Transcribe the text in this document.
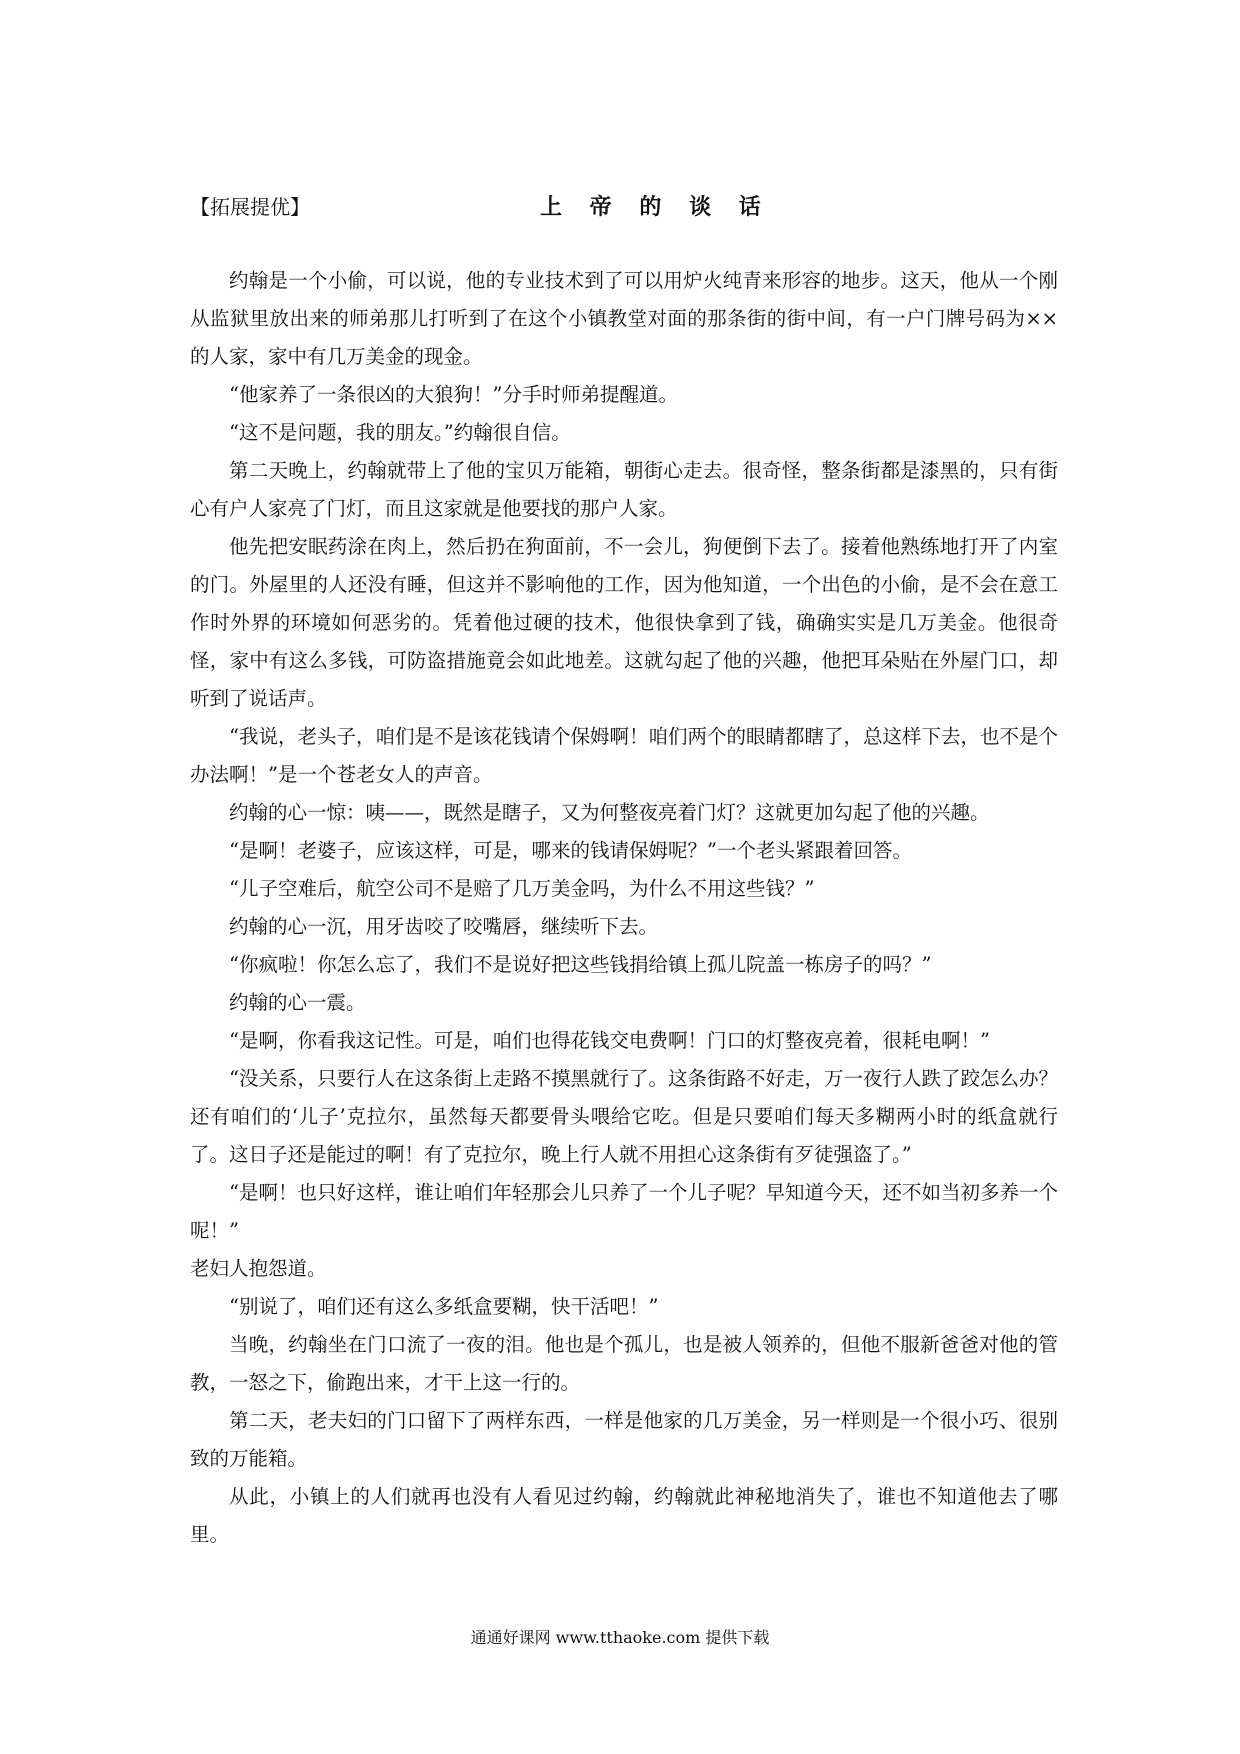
【拓展提优】	上 帝 的 谈 话

约翰是一个小偷，可以说，他的专业技术到了可以用炉火纯青来形容的地步。这天，他从一个刚从监狱里放出来的师弟那儿打听到了在这个小镇教堂对面的那条街的街中间，有一户门牌号码为××的人家，家中有几万美金的现金。

“他家养了一条很凶的大狼狗！”分手时师弟提醒道。

“这不是问题，我的朋友。”约翰很自信。

第二天晚上，约翰就带上了他的宝贝万能箱，朝街心走去。很奇怪，整条街都是漆黑的，只有街心有户人家亮了门灯，而且这家就是他要找的那户人家。

他先把安眠药涂在肉上，然后扔在狗面前，不一会儿，狗便倒下去了。接着他熟练地打开了内室的门。外屋里的人还没有睡，但这并不影响他的工作，因为他知道，一个出色的小偷，是不会在意工作时外界的环境如何恶劣的。凭着他过硬的技术，他很快拿到了钱，确确实实是几万美金。他很奇怪，家中有这么多钱，可防盗措施竟会如此地差。这就勾起了他的兴趣，他把耳朵贴在外屋门口，却听到了说话声。

“我说，老头子，咱们是不是该花钱请个保姆啊！咱们两个的眼睛都瞎了，总这样下去，也不是个办法啊！”是一个苍老女人的声音。

约翰的心一惊：咦——，既然是瞎子，又为何整夜亮着门灯？这就更加勾起了他的兴趣。

“是啊！老婆子，应该这样，可是，哪来的钱请保姆呢？”一个老头紧跟着回答。

“儿子空难后，航空公司不是赔了几万美金吗，为什么不用这些钱？”

约翰的心一沉，用牙齿咬了咬嘴唇，继续听下去。

“你疯啦！你怎么忘了，我们不是说好把这些钱捐给镇上孤儿院盖一栋房子的吗？”

约翰的心一震。

“是啊，你看我这记性。可是，咱们也得花钱交电费啊！门口的灯整夜亮着，很耗电啊！”

“没关系，只要行人在这条街上走路不摸黑就行了。这条街路不好走，万一夜行人跌了跤怎么办？还有咱们的‘儿子’克拉尔，虽然每天都要骨头喂给它吃。但是只要咱们每天多糊两小时的纸盒就行了。这日子还是能过的啊！有了克拉尔，晚上行人就不用担心这条街有歹徒强盗了。”

“是啊！也只好这样，谁让咱们年轻那会儿只养了一个儿子呢？早知道今天，还不如当初多养一个呢！”

老妇人抱怨道。

“别说了，咱们还有这么多纸盒要糊，快干活吧！”

当晚，约翰坐在门口流了一夜的泪。他也是个孤儿，也是被人领养的，但他不服新爸爸对他的管教，一怒之下，偷跑出来，才干上这一行的。

第二天，老夫妇的门口留下了两样东西，一样是他家的几万美金，另一样则是一个很小巧、很别致的万能箱。

从此，小镇上的人们就再也没有人看见过约翰，约翰就此神秘地消失了，谁也不知道他去了哪里。

通通好课网 www.tthaoke.com 提供下载
